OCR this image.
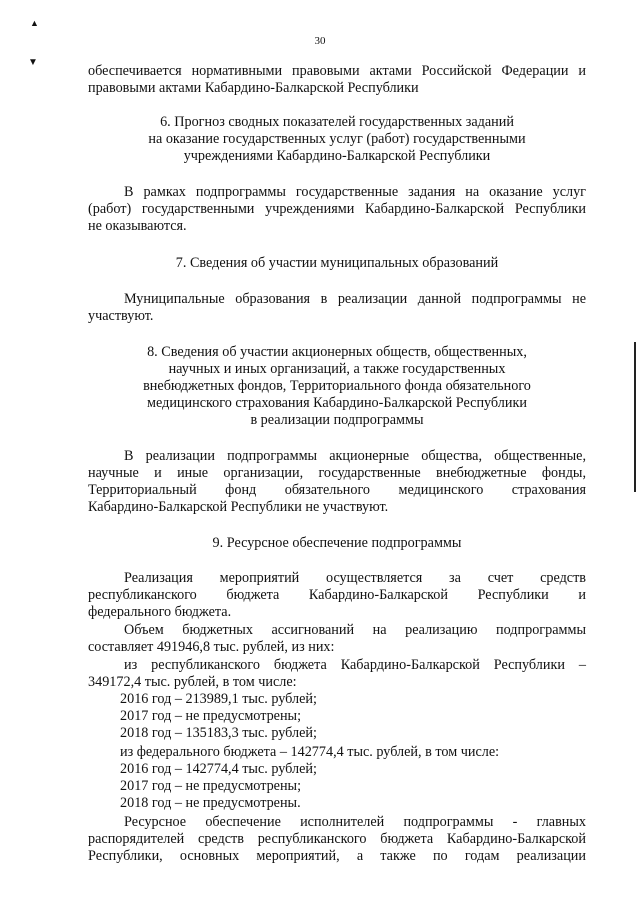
▲
▼
30
обеспечивается нормативными правовыми актами Российской Федерации и
правовыми актами Кабардино-Балкарской Республики
6. Прогноз сводных показателей государственных заданий
на оказание государственных услуг (работ) государственными
учреждениями Кабардино-Балкарской Республики
В рамках подпрограммы государственные задания на оказание услуг
(работ) государственными учреждениями Кабардино-Балкарской Республики
не оказываются.
7. Сведения об участии муниципальных образований
Муниципальные образования в реализации данной подпрограммы не
участвуют.
8. Сведения об участии акционерных обществ, общественных,
научных и иных организаций, а также государственных
внебюджетных фондов, Территориального фонда обязательного
медицинского страхования Кабардино-Балкарской Республики
в реализации подпрограммы
В реализации подпрограммы акционерные общества, общественные,
научные и иные организации, государственные внебюджетные фонды,
Территориальный фонд обязательного медицинского страхования
Кабардино-Балкарской Республики не участвуют.
9. Ресурсное обеспечение подпрограммы
Реализация мероприятий осуществляется за счет средств
республиканского бюджета Кабардино-Балкарской Республики и
федерального бюджета.
Объем бюджетных ассигнований на реализацию подпрограммы
составляет 491946,8 тыс. рублей, из них:
из республиканского бюджета Кабардино-Балкарской Республики –
349172,4 тыс. рублей, в том числе:
2016 год – 213989,1 тыс. рублей;
2017 год – не предусмотрены;
2018 год – 135183,3 тыс. рублей;
из федерального бюджета – 142774,4 тыс. рублей, в том числе:
2016 год – 142774,4 тыс. рублей;
2017 год – не предусмотрены;
2018 год – не предусмотрены.
Ресурсное обеспечение исполнителей подпрограммы - главных
распорядителей средств республиканского бюджета Кабардино-Балкарской
Республики, основных мероприятий, а также по годам реализации
